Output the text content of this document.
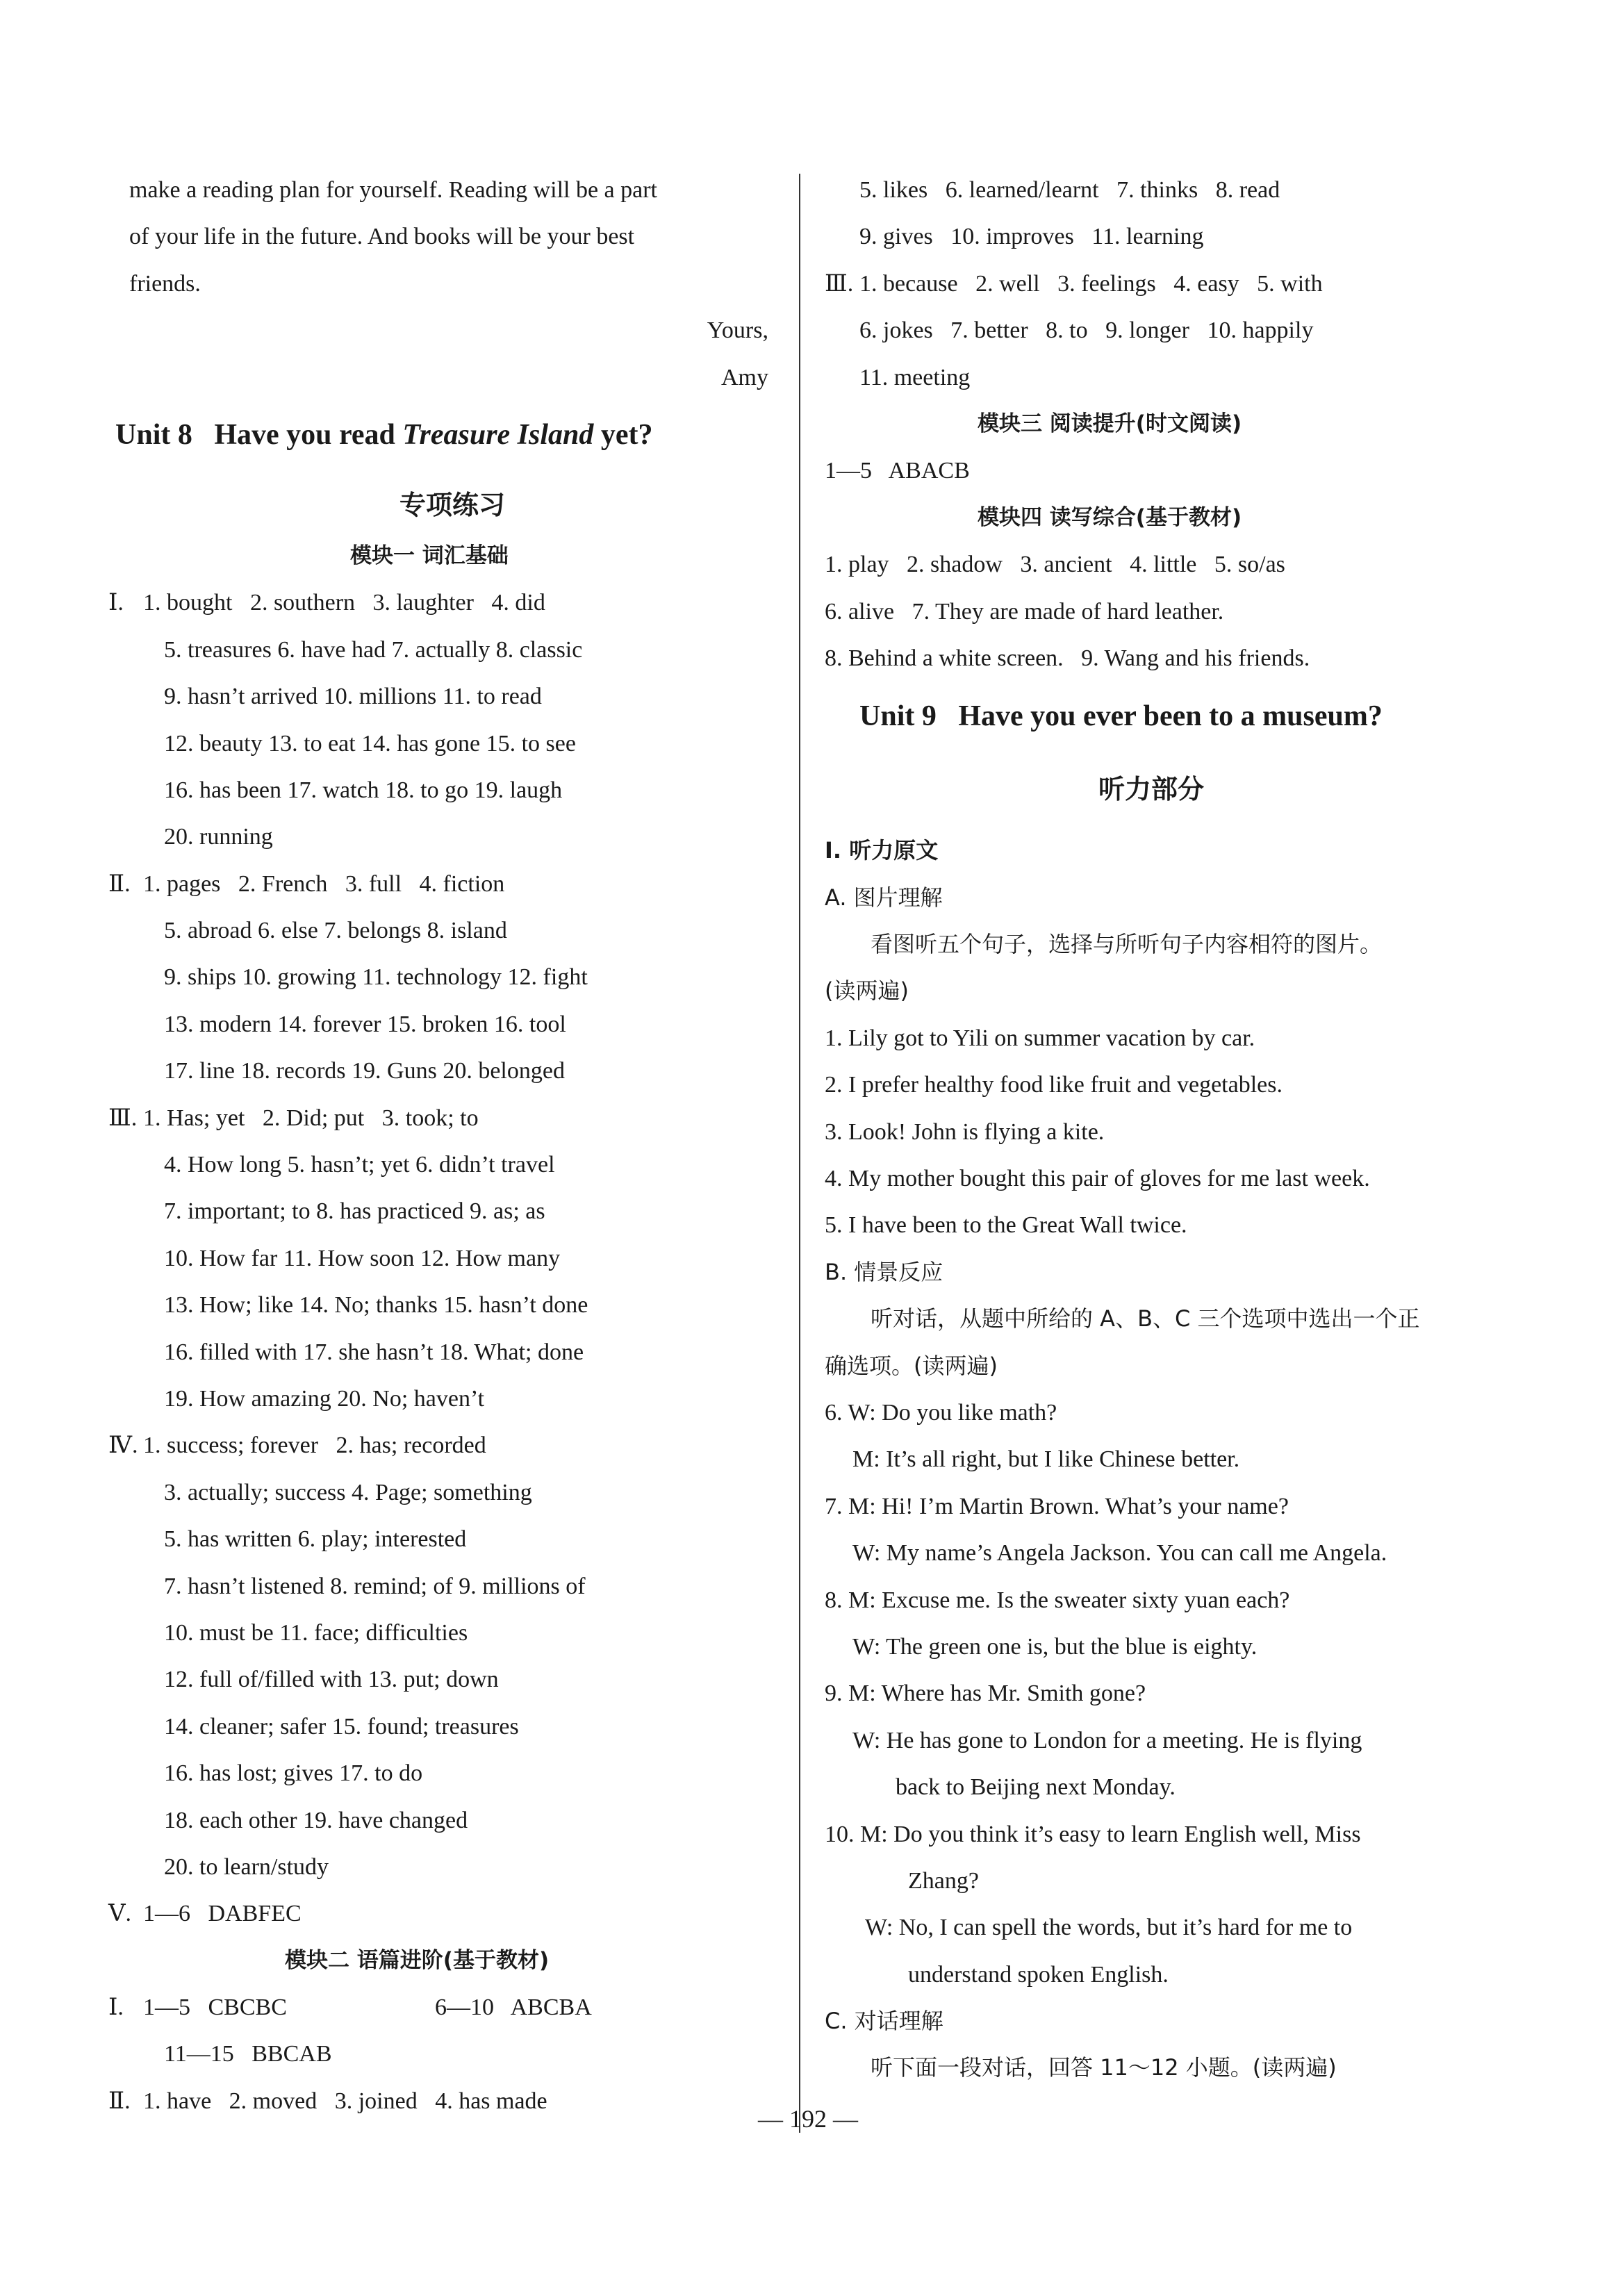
make a reading plan for yourself. Reading will be a part
of your life in the future. And books will be your best
friends.
Yours,
Amy
Unit 8   Have you read Treasure Island yet?
专项练习
模块一 词汇基础
Ⅰ. 1. bought   2. southern   3. laughter   4. did
5. treasures 6. have had 7. actually 8. classic
9. hasn’t arrived 10. millions 11. to read
12. beauty 13. to eat 14. has gone 15. to see
16. has been 17. watch 18. to go 19. laugh
20. running
Ⅱ. 1. pages   2. French   3. full   4. fiction
5. abroad 6. else 7. belongs 8. island
9. ships 10. growing 11. technology 12. fight
13. modern 14. forever 15. broken 16. tool
17. line 18. records 19. Guns 20. belonged
Ⅲ. 1. Has; yet   2. Did; put   3. took; to
4. How long 5. hasn’t; yet 6. didn’t travel
7. important; to 8. has practiced 9. as; as
10. How far 11. How soon 12. How many
13. How; like 14. No; thanks 15. hasn’t done
16. filled with 17. she hasn’t 18. What; done
19. How amazing 20. No; haven’t
Ⅳ. 1. success; forever   2. has; recorded
3. actually; success 4. Page; something
5. has written 6. play; interested
7. hasn’t listened 8. remind; of 9. millions of
10. must be 11. face; difficulties
12. full of/filled with 13. put; down
14. cleaner; safer 15. found; treasures
16. has lost; gives 17. to do
18. each other 19. have changed
20. to learn/study
Ⅴ. 1—6   DABFEC
模块二 语篇进阶(基于教材)
Ⅰ. 1—5   CBCBC	6—10   ABCBA
11—15   BBCAB
Ⅱ. 1. have   2. moved   3. joined   4. has made
5. likes   6. learned/learnt   7. thinks   8. read
9. gives   10. improves   11. learning
Ⅲ. 1. because   2. well   3. feelings   4. easy   5. with
6. jokes   7. better   8. to   9. longer   10. happily
11. meeting
模块三 阅读提升(时文阅读)
1—5   ABACB
模块四 读写综合(基于教材)
1. play   2. shadow   3. ancient   4. little   5. so/as
6. alive   7. They are made of hard leather.
8. Behind a white screen.   9. Wang and his friends.
Unit 9   Have you ever been to a museum?
听力部分
Ⅰ. 听力原文
A. 图片理解
看图听五个句子，选择与所听句子内容相符的图片。
(读两遍)
1. Lily got to Yili on summer vacation by car.
2. I prefer healthy food like fruit and vegetables.
3. Look! John is flying a kite.
4. My mother bought this pair of gloves for me last week.
5. I have been to the Great Wall twice.
B. 情景反应
听对话，从题中所给的 A、B、C 三个选项中选出一个正
确选项。(读两遍)
6. W: Do you like math?
M: It’s all right, but I like Chinese better.
7. M: Hi! I’m Martin Brown. What’s your name?
W: My name’s Angela Jackson. You can call me Angela.
8. M: Excuse me. Is the sweater sixty yuan each?
W: The green one is, but the blue is eighty.
9. M: Where has Mr. Smith gone?
W: He has gone to London for a meeting. He is flying
back to Beijing next Monday.
10. M: Do you think it’s easy to learn English well, Miss
Zhang?
W: No, I can spell the words, but it’s hard for me to
understand spoken English.
C. 对话理解
听下面一段对话，回答 11～12 小题。(读两遍)
— 192 —
